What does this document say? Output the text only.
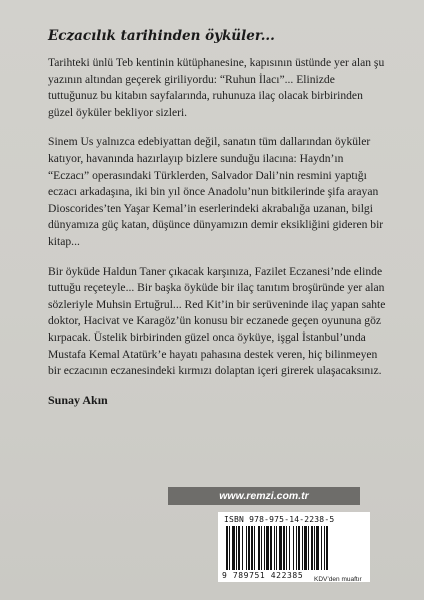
Eczacılık tarihinden öyküler...

Tarihteki ünlü Teb kentinin kütüphanesine, kapısının üstünde yer alan şu yazının altından geçerek giriliyordu: “Ruhun İlacı”... Elinizde tuttuğunuz bu kitabın sayfalarında, ruhunuza ilaç olacak birbirinden güzel öyküler bekliyor sizleri.

Sinem Us yalnızca edebiyattan değil, sanatın tüm dallarından öyküler katıyor, havanında hazırlayıp bizlere sunduğu ilacına: Haydn’ın “Eczacı” operasındaki Türklerden, Salvador Dali’nin resmini yaptığı eczacı arkadaşına, iki bin yıl önce Anadolu’nun bitkilerinde şifa arayan Dioscorides’ten Yaşar Kemal’in eserlerindeki akrabalığa uzanan, bilgi dünyamıza güç katan, düşünce dünyamızın demir eksikliğini gideren bir kitap...

Bir öyküde Haldun Taner çıkacak karşınıza, Fazilet Eczanesi’nde elinde tuttuğu reçeteyle... Bir başka öyküde bir ilaç tanıtım broşüründe yer alan sözleriyle Muhsin Ertuğrul... Red Kit’in bir serüveninde ilaç yapan sahte doktor, Hacivat ve Karagöz’ün konusu bir eczanede geçen oyununa göz kırpacak. Üstelik birbirinden güzel onca öyküye, işgal İstanbul’unda Mustafa Kemal Atatürk’e hayatı pahasına destek veren, hiç bilinmeyen bir eczacının eczanesindeki kırmızı dolaptan içeri girerek ulaşacaksınız.

Sunay Akın
www.remzi.com.tr
ISBN 978-975-14-2238-5
9 789751 422385 KDV’den muaftır
